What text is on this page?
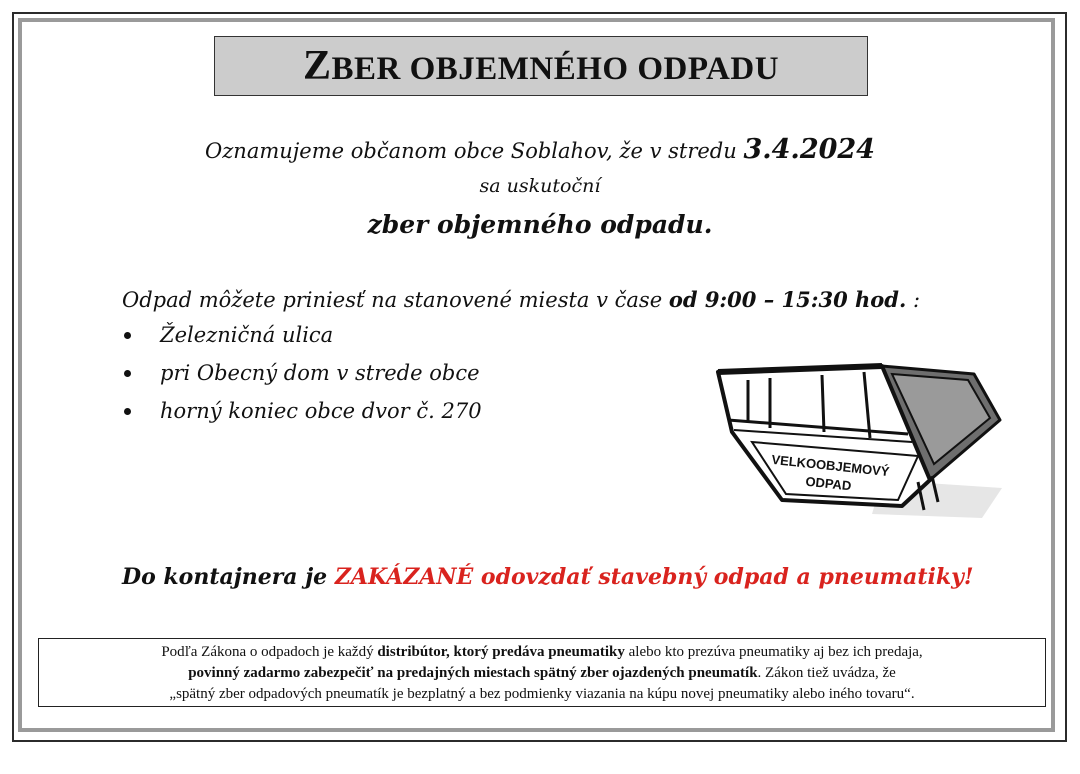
ZBER OBJEMNÉHO ODPADU
Oznamujeme občanom obce Soblahov, že v stredu 3.4.2024
sa uskutoční
zber objemného odpadu.
Odpad môžete priniesť na stanovené miesta v čase od 9:00 – 15:30 hod. :
Železničná ulica
pri Obecný dom v strede obce
horný koniec obce dvor č. 270
VELKOOBJEMOVÝ
ODPAD
Do kontajnera je ZAKÁZANÉ odovzdať stavebný odpad a pneumatiky!
Podľa Zákona o odpadoch je každý distribútor, ktorý predáva pneumatiky alebo kto prezúva pneumatiky aj bez ich predaja,
povinný zadarmo zabezpečiť na predajných miestach spätný zber ojazdených pneumatík. Zákon tiež uvádza, že
„spätný zber odpadových pneumatík je bezplatný a bez podmienky viazania na kúpu novej pneumatiky alebo iného tovaru“.
